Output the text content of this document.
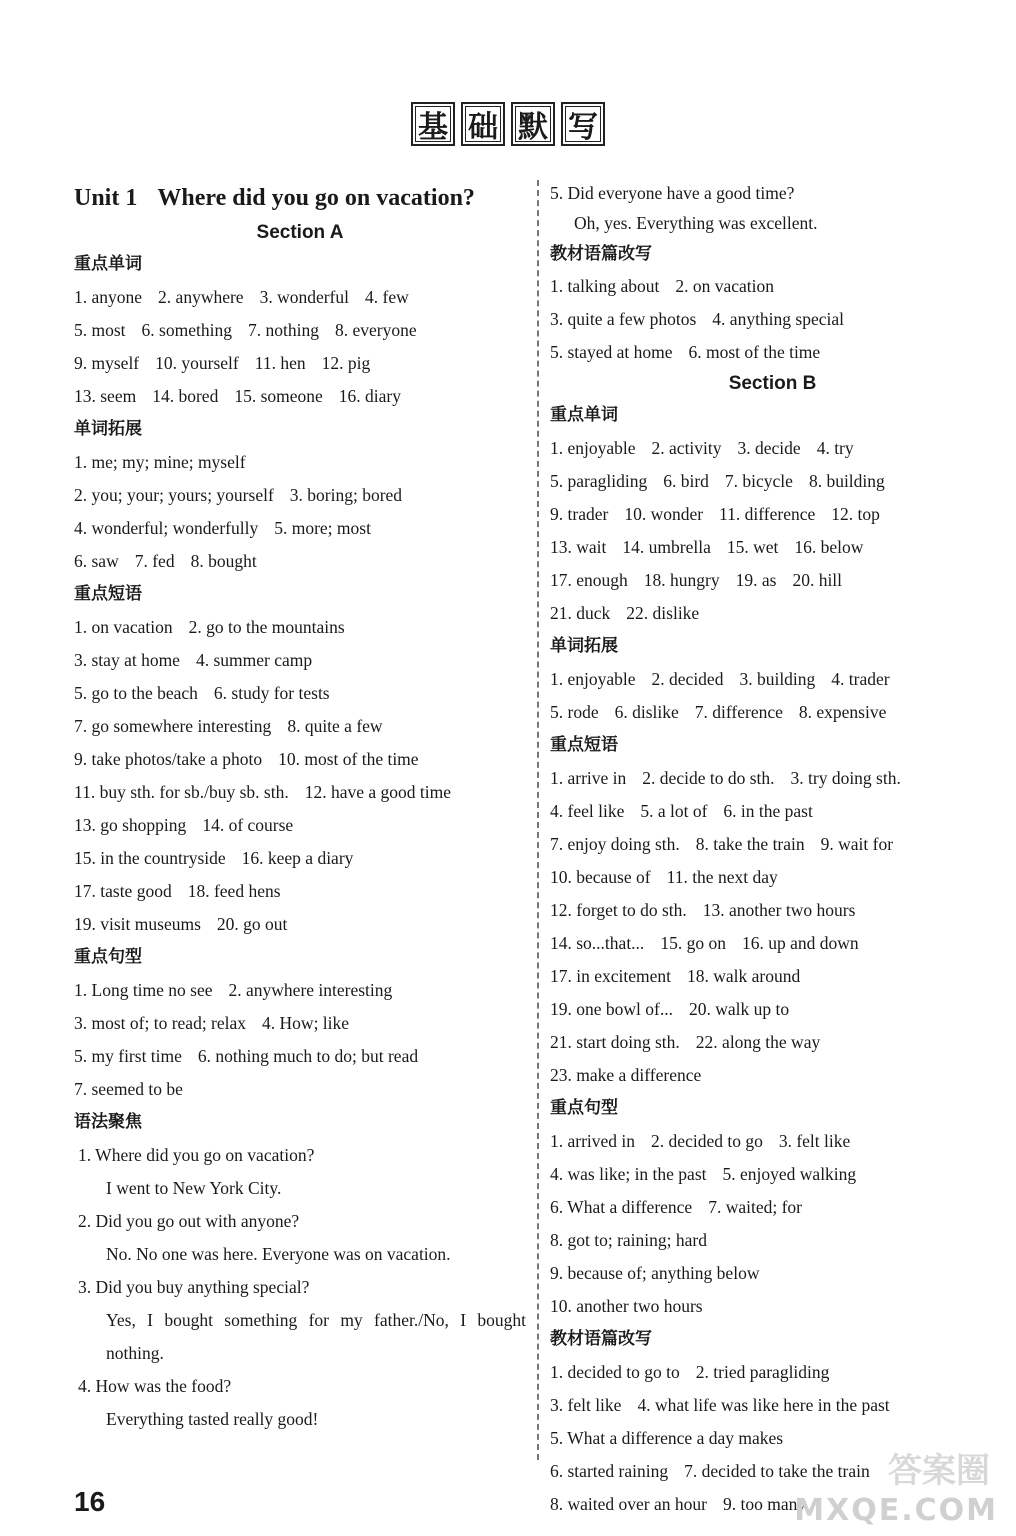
基 础 默 写
Unit 1 Where did you go on vacation?
Section A
重点单词
1. anyone 2. anywhere 3. wonderful 4. few
5. most 6. something 7. nothing 8. everyone
9. myself 10. yourself 11. hen 12. pig
13. seem 14. bored 15. someone 16. diary
单词拓展
1. me; my; mine; myself
2. you; your; yours; yourself 3. boring; bored
4. wonderful; wonderfully 5. more; most
6. saw 7. fed 8. bought
重点短语
1. on vacation 2. go to the mountains
3. stay at home 4. summer camp
5. go to the beach 6. study for tests
7. go somewhere interesting 8. quite a few
9. take photos/take a photo 10. most of the time
11. buy sth. for sb./buy sb. sth. 12. have a good time
13. go shopping 14. of course
15. in the countryside 16. keep a diary
17. taste good 18. feed hens
19. visit museums 20. go out
重点句型
1. Long time no see 2. anywhere interesting
3. most of; to read; relax 4. How; like
5. my first time 6. nothing much to do; but read
7. seemed to be
语法聚焦
1. Where did you go on vacation?
I went to New York City.
2. Did you go out with anyone?
No. No one was here. Everyone was on vacation.
3. Did you buy anything special?
Yes, I bought something for my father./No, I bought nothing.
4. How was the food?
Everything tasted really good!
5. Did everyone have a good time?
Oh, yes. Everything was excellent.
教材语篇改写
1. talking about 2. on vacation
3. quite a few photos 4. anything special
5. stayed at home 6. most of the time
Section B
重点单词
1. enjoyable 2. activity 3. decide 4. try
5. paragliding 6. bird 7. bicycle 8. building
9. trader 10. wonder 11. difference 12. top
13. wait 14. umbrella 15. wet 16. below
17. enough 18. hungry 19. as 20. hill
21. duck 22. dislike
单词拓展
1. enjoyable 2. decided 3. building 4. trader
5. rode 6. dislike 7. difference 8. expensive
重点短语
1. arrive in 2. decide to do sth. 3. try doing sth.
4. feel like 5. a lot of 6. in the past
7. enjoy doing sth. 8. take the train 9. wait for
10. because of 11. the next day
12. forget to do sth. 13. another two hours
14. so...that... 15. go on 16. up and down
17. in excitement 18. walk around
19. one bowl of... 20. walk up to
21. start doing sth. 22. along the way
23. make a difference
重点句型
1. arrived in 2. decided to go 3. felt like
4. was like; in the past 5. enjoyed walking
6. What a difference 7. waited; for
8. got to; raining; hard
9. because of; anything below
10. another two hours
教材语篇改写
1. decided to go to 2. tried paragliding
3. felt like 4. what life was like here in the past
5. What a difference a day makes
6. started raining 7. decided to take the train
8. waited over an hour 9. too many
16
答案圈
MXQE.COM
